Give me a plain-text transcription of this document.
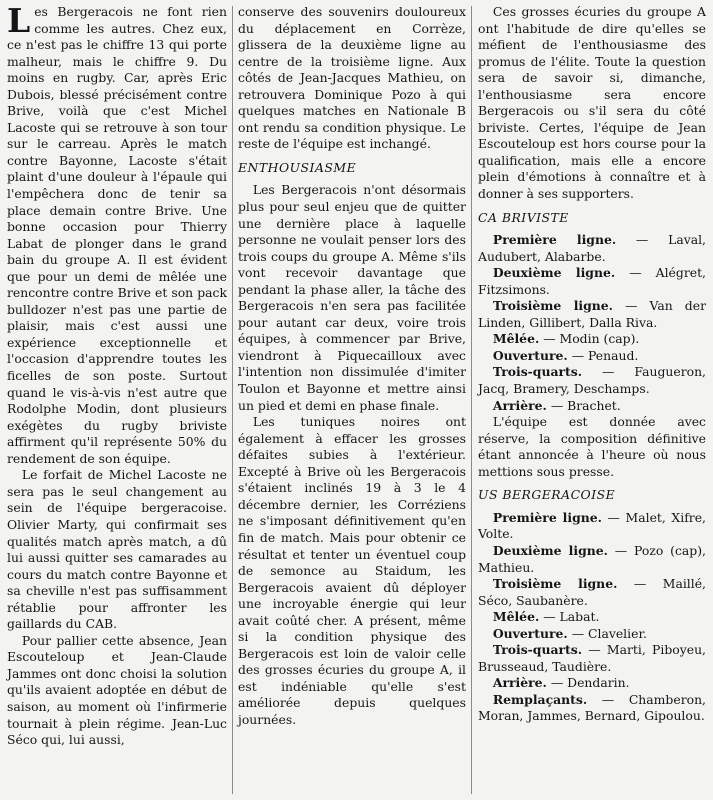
Les Bergeracois ne font rien comme les autres. Chez eux, ce n'est pas le chiffre 13 qui porte malheur, mais le chiffre 9. Du moins en rugby. Car, après Eric Dubois, blessé précisément contre Brive, voilà que c'est Michel Lacoste qui se retrouve à son tour sur le carreau. Après le match contre Bayonne, Lacoste s'était plaint d'une douleur à l'épaule qui l'empêchera donc de tenir sa place demain contre Brive. Une bonne occasion pour Thierry Labat de plonger dans le grand bain du groupe A. Il est évident que pour un demi de mêlée une rencontre contre Brive et son pack bulldozer n'est pas une partie de plaisir, mais c'est aussi une expérience exceptionnelle et l'occasion d'apprendre toutes les ficelles de son poste. Surtout quand le vis-à-vis n'est autre que Rodolphe Modin, dont plusieurs exégètes du rugby briviste affirment qu'il représente 50% du rendement de son équipe.

Le forfait de Michel Lacoste ne sera pas le seul changement au sein de l'équipe bergeracoise. Olivier Marty, qui confirmait ses qualités match après match, a dû lui aussi quitter ses camarades au cours du match contre Bayonne et sa cheville n'est pas suffisamment rétablie pour affronter les gaillards du CAB.

Pour pallier cette absence, Jean Escouteloup et Jean-Claude Jammes ont donc choisi la solution qu'ils avaient adoptée en début de saison, au moment où l'infirmerie tournait à plein régime. Jean-Luc Séco qui, lui aussi,

conserve des souvenirs douloureux du déplacement en Corrèze, glissera de la deuxième ligne au centre de la troisième ligne. Aux côtés de Jean-Jacques Mathieu, on retrouvera Dominique Pozo à qui quelques matches en Nationale B ont rendu sa condition physique. Le reste de l'équipe est inchangé.

ENTHOUSIASME

Les Bergeracois n'ont désormais plus pour seul enjeu que de quitter une dernière place à laquelle personne ne voulait penser lors des trois coups du groupe A. Même s'ils vont recevoir davantage que pendant la phase aller, la tâche des Bergeracois n'en sera pas facilitée pour autant car deux, voire trois équipes, à commencer par Brive, viendront à Piquecailloux avec l'intention non dissimulée d'imiter Toulon et Bayonne et mettre ainsi un pied et demi en phase finale.

Les tuniques noires ont également à effacer les grosses défaites subies à l'extérieur. Excepté à Brive où les Bergeracois s'étaient inclinés 19 à 3 le 4 décembre dernier, les Corréziens ne s'imposant définitivement qu'en fin de match. Mais pour obtenir ce résultat et tenter un éventuel coup de semonce au Staidum, les Bergeracois avaient dû déployer une incroyable énergie qui leur avait coûté cher. A présent, même si la condition physique des Bergeracois est loin de valoir celle des grosses écuries du groupe A, il est indéniable qu'elle s'est améliorée depuis quelques journées.

Ces grosses écuries du groupe A ont l'habitude de dire qu'elles se méfient de l'enthousiasme des promus de l'élite. Toute la question sera de savoir si, dimanche, l'enthousiasme sera encore Bergeracois ou s'il sera du côté briviste. Certes, l'équipe de Jean Escouteloup est hors course pour la qualification, mais elle a encore plein d'émotions à connaître et à donner à ses supporters.

CA BRIVISTE
Première ligne. — Laval, Audubert, Alabarbe.
Deuxième ligne. — Alégret, Fitzsimons.
Troisième ligne. — Van der Linden, Gillibert, Dalla Riva.
Mêlée. — Modin (cap).
Ouverture. — Penaud.
Trois-quarts. — Faugueron, Jacq, Bramery, Deschamps.
Arrière. — Brachet.

L'équipe est donnée avec réserve, la composition définitive étant annoncée à l'heure où nous mettions sous presse.

US BERGERACOISE
Première ligne. — Malet, Xifre, Volte.
Deuxième ligne. — Pozo (cap), Mathieu.
Troisième ligne. — Maillé, Séco, Saubanère.
Mêlée. — Labat.
Ouverture. — Clavelier.
Trois-quarts. — Marti, Piboyeu, Brusseaud, Taudière.
Arrière. — Dendarin.
Remplaçants. — Chamberon, Moran, Jammes, Bernard, Gipoulou.
